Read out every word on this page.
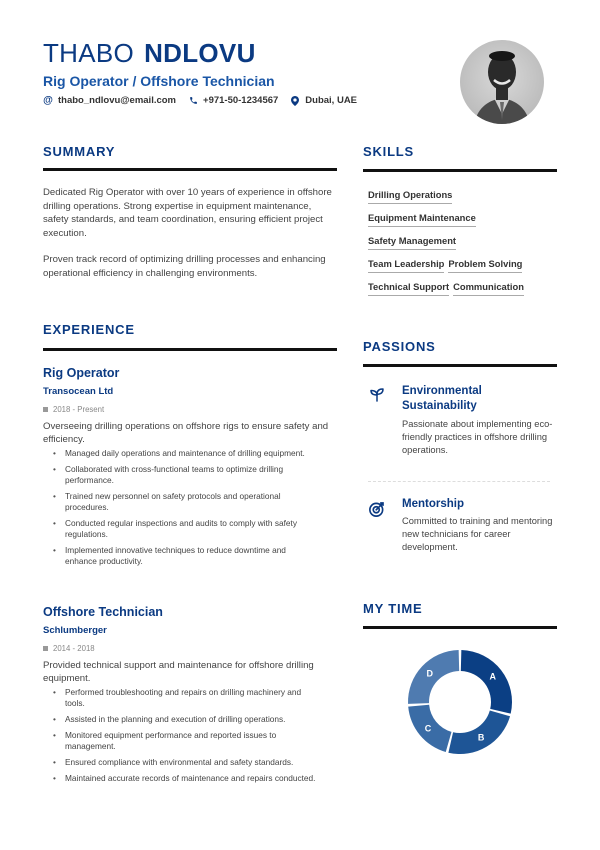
THABO NDLOVU
Rig Operator / Offshore Technician
@ thabo_ndlovu@email.com	+971-50-1234567	Dubai, UAE
SUMMARY

Dedicated Rig Operator with over 10 years of experience in offshore drilling operations. Strong expertise in equipment maintenance, safety standards, and team coordination, ensuring efficient project execution.

Proven track record of optimizing drilling processes and enhancing operational efficiency in challenging environments.

EXPERIENCE
Rig Operator
Transocean Ltd
2018 - Present
Overseeing drilling operations on offshore rigs to ensure safety and efficiency.
• Managed daily operations and maintenance of drilling equipment.
• Collaborated with cross-functional teams to optimize drilling performance.
• Trained new personnel on safety protocols and operational procedures.
• Conducted regular inspections and audits to comply with safety regulations.
• Implemented innovative techniques to reduce downtime and enhance productivity.
Offshore Technician
Schlumberger
2014 - 2018
Provided technical support and maintenance for offshore drilling equipment.
• Performed troubleshooting and repairs on drilling machinery and tools.
• Assisted in the planning and execution of drilling operations.
• Monitored equipment performance and reported issues to management.
• Ensured compliance with environmental and safety standards.
• Maintained accurate records of maintenance and repairs conducted.
SKILLS
Drilling Operations
Equipment Maintenance
Safety Management
Team Leadership Problem Solving
Technical Support Communication
PASSIONS
Environmental Sustainability
Passionate about implementing eco-friendly practices in offshore drilling operations.
Mentorship
Committed to training and mentoring new technicians for career development.
MY TIME
A
B
C
D
